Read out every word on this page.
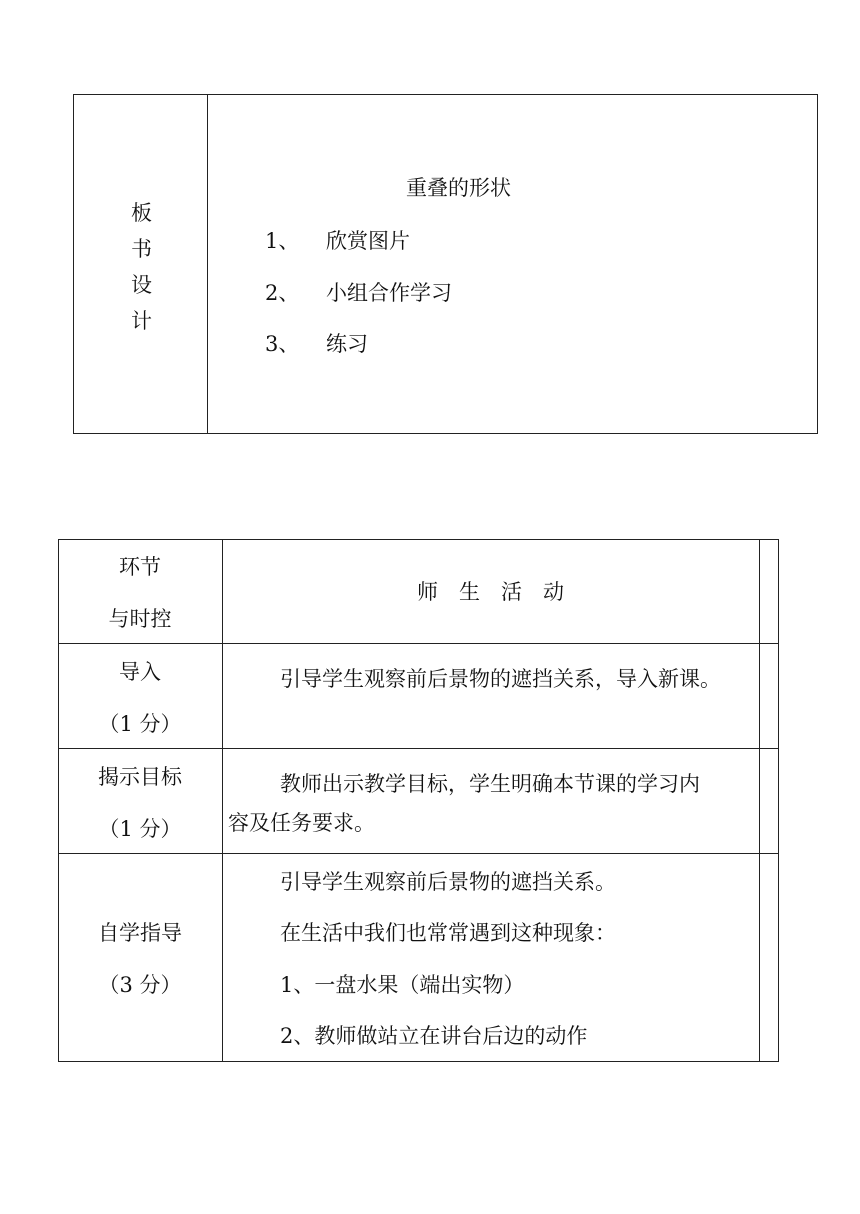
板
书
设
计
重叠的形状
1、 欣赏图片
2、 小组合作学习
3、 练习
环节
与时控
师　生　活　动
导入
（1 分）
引导学生观察前后景物的遮挡关系，导入新课。
揭示目标
（1 分）
教师出示教学目标，学生明确本节课的学习内
容及任务要求。
自学指导
（3 分）
引导学生观察前后景物的遮挡关系。
在生活中我们也常常遇到这种现象：
1、一盘水果（端出实物）
2、教师做站立在讲台后边的动作
